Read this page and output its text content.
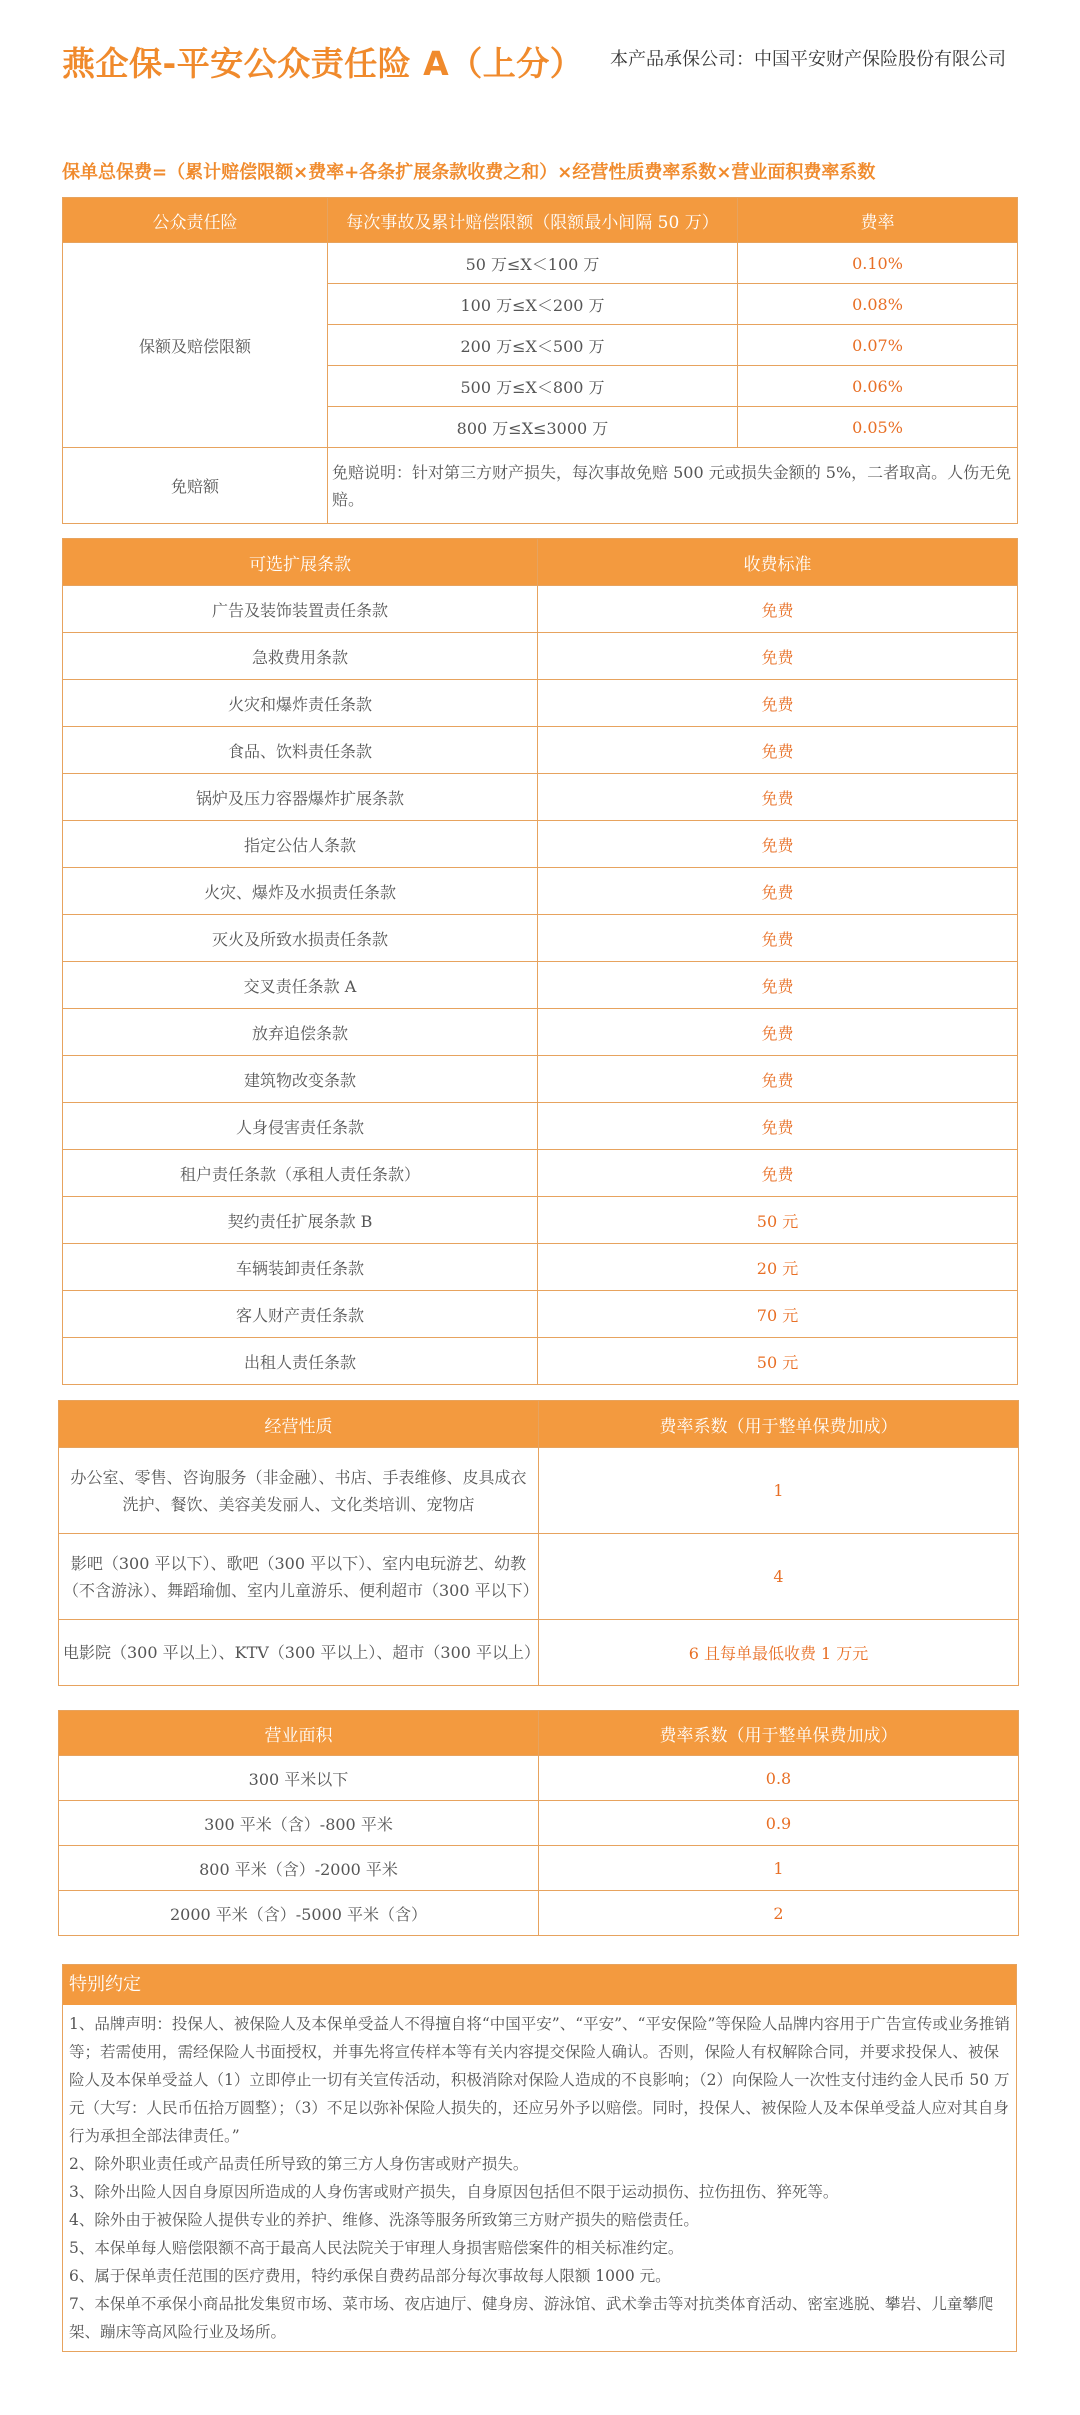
燕企保-平安公众责任险 A（上分） 本产品承保公司：中国平安财产保险股份有限公司
保单总保费=（累计赔偿限额×费率+各条扩展条款收费之和）×经营性质费率系数×营业面积费率系数
公众责任险	每次事故及累计赔偿限额（限额最小间隔 50 万）	费率
保额及赔偿限额	50 万≤X＜100 万	0.10%
	100 万≤X＜200 万	0.08%
	200 万≤X＜500 万	0.07%
	500 万≤X＜800 万	0.06%
	800 万≤X≤3000 万	0.05%
免赔额	免赔说明：针对第三方财产损失，每次事故免赔 500 元或损失金额的 5%，二者取高。人伤无免赔。	
可选扩展条款	收费标准
广告及装饰装置责任条款	免费
急救费用条款	免费
火灾和爆炸责任条款	免费
食品、饮料责任条款	免费
锅炉及压力容器爆炸扩展条款	免费
指定公估人条款	免费
火灾、爆炸及水损责任条款	免费
灭火及所致水损责任条款	免费
交叉责任条款 A	免费
放弃追偿条款	免费
建筑物改变条款	免费
人身侵害责任条款	免费
租户责任条款（承租人责任条款）	免费
契约责任扩展条款 B	50 元
车辆装卸责任条款	20 元
客人财产责任条款	70 元
出租人责任条款	50 元
经营性质	费率系数（用于整单保费加成）
办公室、零售、咨询服务（非金融）、书店、手表维修、皮具成衣洗护、餐饮、美容美发丽人、文化类培训、宠物店	1
影吧（300 平以下）、歌吧（300 平以下）、室内电玩游艺、幼教（不含游泳）、舞蹈瑜伽、室内儿童游乐、便利超市（300 平以下）	4
电影院（300 平以上）、KTV（300 平以上）、超市（300 平以上）	6 且每单最低收费 1 万元
营业面积	费率系数（用于整单保费加成）
300 平米以下	0.8
300 平米（含）-800 平米	0.9
800 平米（含）-2000 平米	1
2000 平米（含）-5000 平米（含）	2
特别约定

1、品牌声明：投保人、被保险人及本保单受益人不得擅自将“中国平安”、“平安”、“平安保险”等保险人品牌内容用于广告宣传或业务推销等；若需使用，需经保险人书面授权，并事先将宣传样本等有关内容提交保险人确认。否则，保险人有权解除合同，并要求投保人、被保险人及本保单受益人（1）立即停止一切有关宣传活动，积极消除对保险人造成的不良影响；（2）向保险人一次性支付违约金人民币 50 万元（大写：人民币伍拾万圆整）；（3）不足以弥补保险人损失的，还应另外予以赔偿。同时，投保人、被保险人及本保单受益人应对其自身行为承担全部法律责任。”

2、除外职业责任或产品责任所导致的第三方人身伤害或财产损失。

3、除外出险人因自身原因所造成的人身伤害或财产损失，自身原因包括但不限于运动损伤、拉伤扭伤、猝死等。

4、除外由于被保险人提供专业的养护、维修、洗涤等服务所致第三方财产损失的赔偿责任。

5、本保单每人赔偿限额不高于最高人民法院关于审理人身损害赔偿案件的相关标准约定。

6、属于保单责任范围的医疗费用，特约承保自费药品部分每次事故每人限额 1000 元。

7、本保单不承保小商品批发集贸市场、菜市场、夜店迪厅、健身房、游泳馆、武术拳击等对抗类体育活动、密室逃脱、攀岩、儿童攀爬架、蹦床等高风险行业及场所。
